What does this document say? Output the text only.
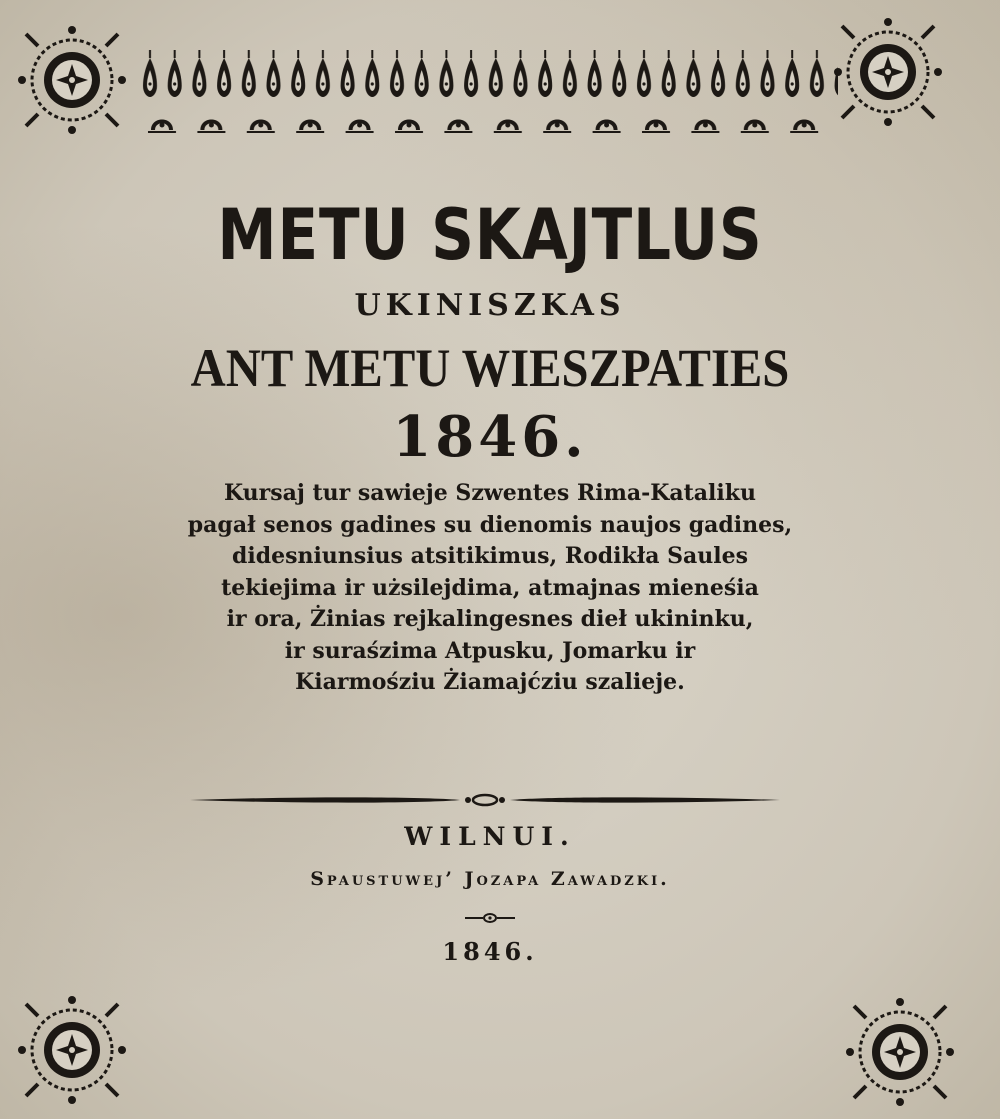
METU SKAJTLUS
UKINISZKAS
ANT METU WIESZPATIES
1846.
Kursaj tur sawieje Szwentes Rima-Kataliku
pagał senos gadines su dienomis naujos gadines,
didesniunsius atsitikimus, Rodikła Saules
tekiejima ir użsilejdima, atmajnas mieneśia
ir ora, Żinias rejkalingesnes dieł ukininku,
ir suraśzima Atpusku, Jomarku ir
Kiarmośziu Żiamajćziu szalieje.
WILNUI.
Spaustuwej’ Jozapa Zawadzki.
1846.
